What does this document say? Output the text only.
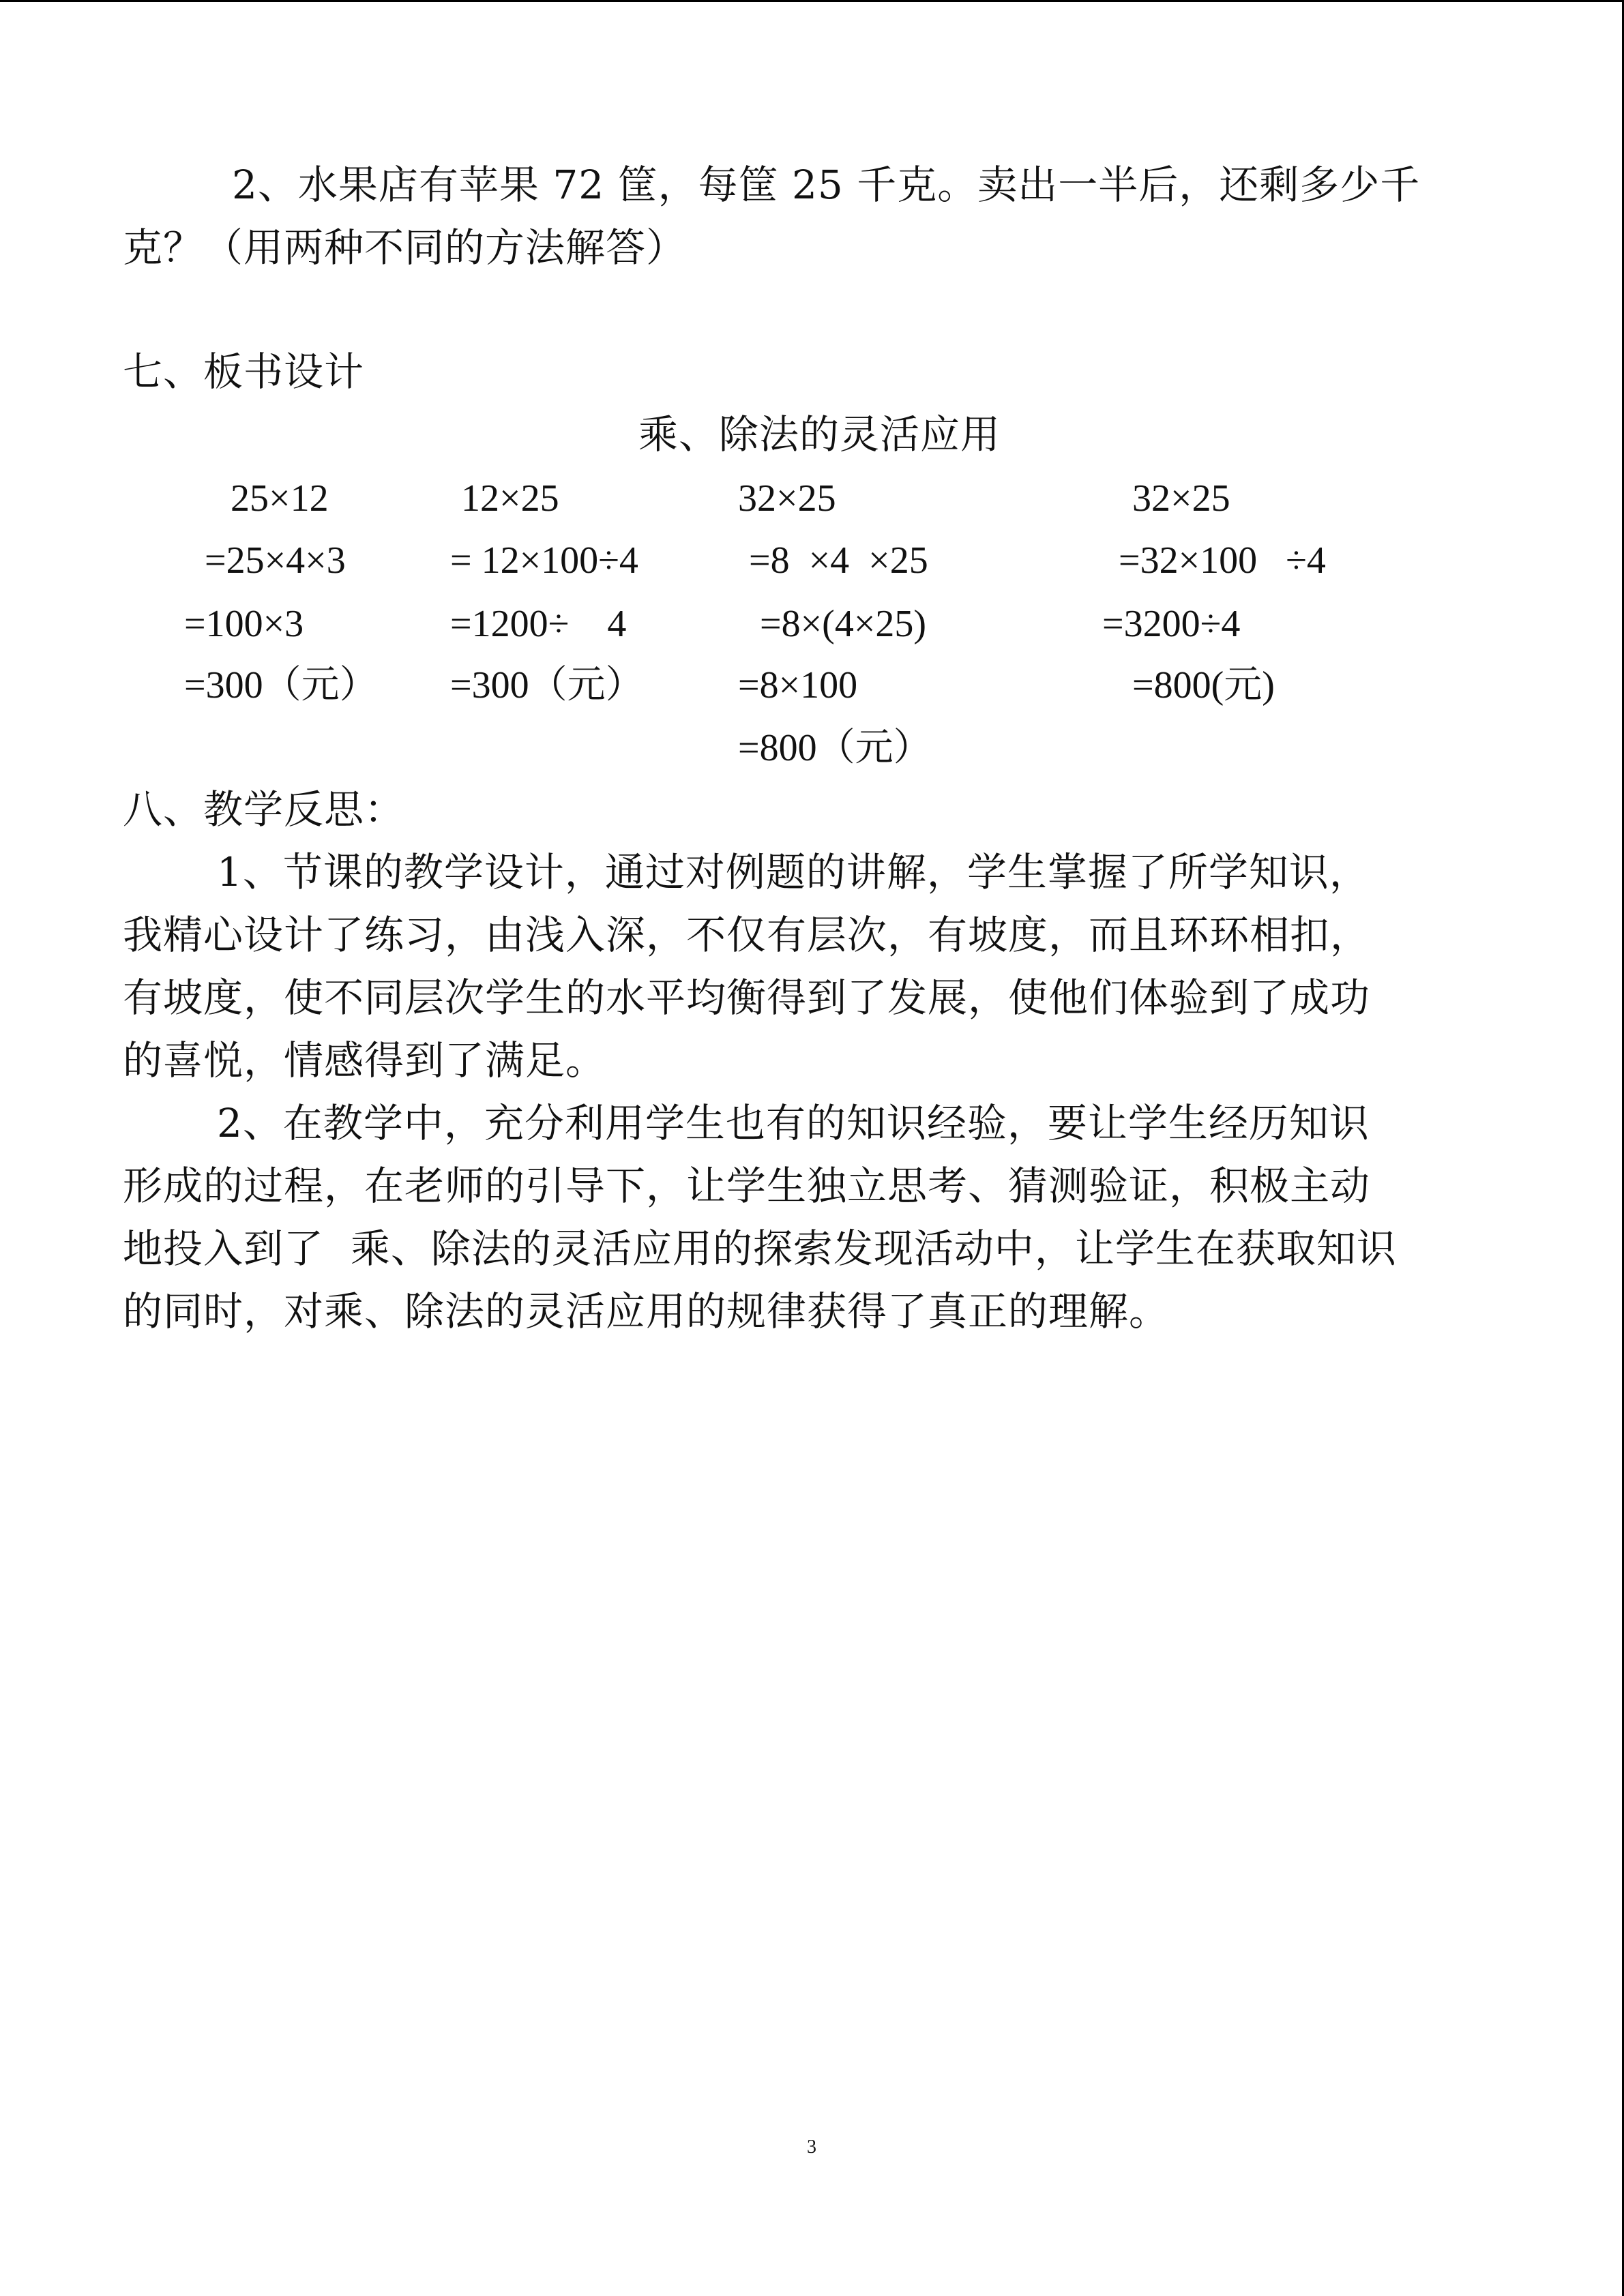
2、水果店有苹果 72 筐，每筐 25 千克。卖出一半后，还剩多少千
克？（用两种不同的方法解答）
七、板书设计
乘、除法的灵活应用
25×12
=25×4×3
=100×3
=300（元）
12×25
= 12×100÷4
=1200÷    4
=300（元）
32×25
=8  ×4  ×25
=8×(4×25)
=8×100
=800（元）
32×25
=32×100   ÷4
=3200÷4
=800(元)
八、教学反思：
1、节课的教学设计，通过对例题的讲解，学生掌握了所学知识，
我精心设计了练习，由浅入深，不仅有层次，有坡度，而且环环相扣，
有坡度，使不同层次学生的水平均衡得到了发展，使他们体验到了成功
的喜悦，情感得到了满足。
2、在教学中，充分利用学生也有的知识经验，要让学生经历知识
形成的过程，在老师的引导下，让学生独立思考、猜测验证，积极主动
地投入到了  乘、除法的灵活应用的探索发现活动中，让学生在获取知识
的同时，对乘、除法的灵活应用的规律获得了真正的理解。
3
